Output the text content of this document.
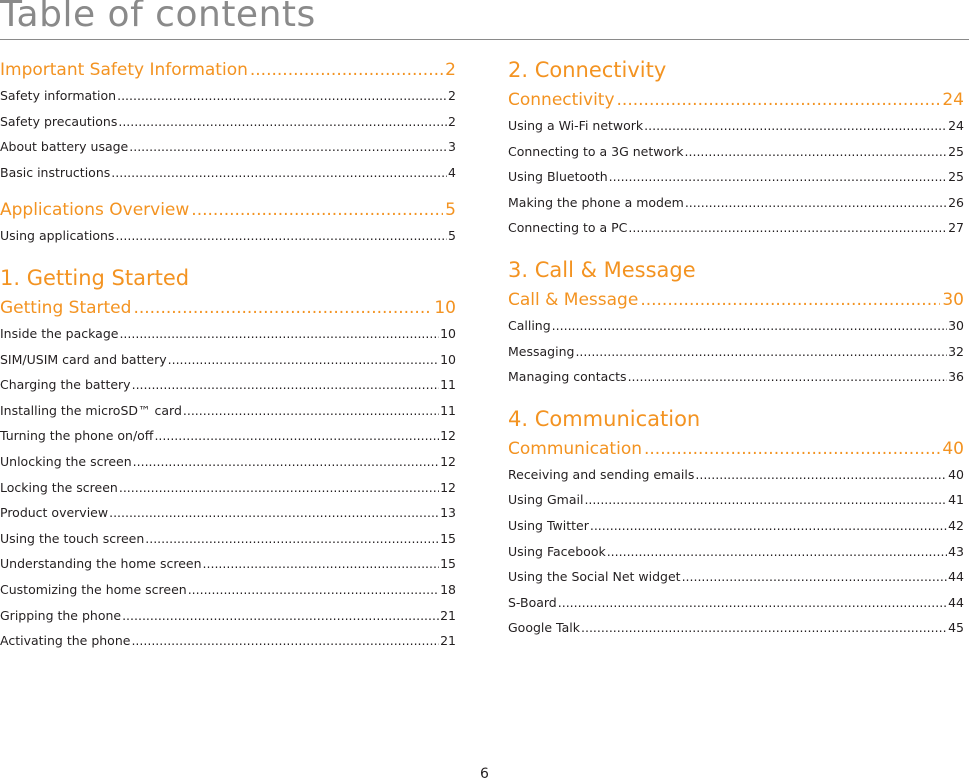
Table of contents
Important Safety Information .....	2
Safety information .....	2
Safety precautions .....	2
About battery usage .....	3
Basic instructions .....	4
Applications Overview .....	5
Using applications .....	5
1. Getting Started
Getting Started .....	10
Inside the package .....	10
SIM/USIM card and battery .....	10
Charging the battery .....	11
Installing the microSD™ card .....	11
Turning the phone on/off .....	12
Unlocking the screen .....	12
Locking the screen .....	12
Product overview .....	13
Using the touch screen .....	15
Understanding the home screen .....	15
Customizing the home screen .....	18
Gripping the phone .....	21
Activating the phone .....	21
2. Connectivity
Connectivity .....	24
Using a Wi-Fi network .....	24
Connecting to a 3G network .....	25
Using Bluetooth .....	25
Making the phone a modem .....	26
Connecting to a PC .....	27
3. Call & Message
Call & Message .....	30
Calling .....	30
Messaging .....	32
Managing contacts .....	36
4. Communication
Communication .....	40
Receiving and sending emails .....	40
Using Gmail .....	41
Using Twitter .....	42
Using Facebook .....	43
Using the Social Net widget .....	44
S-Board .....	44
Google Talk .....	45
6
